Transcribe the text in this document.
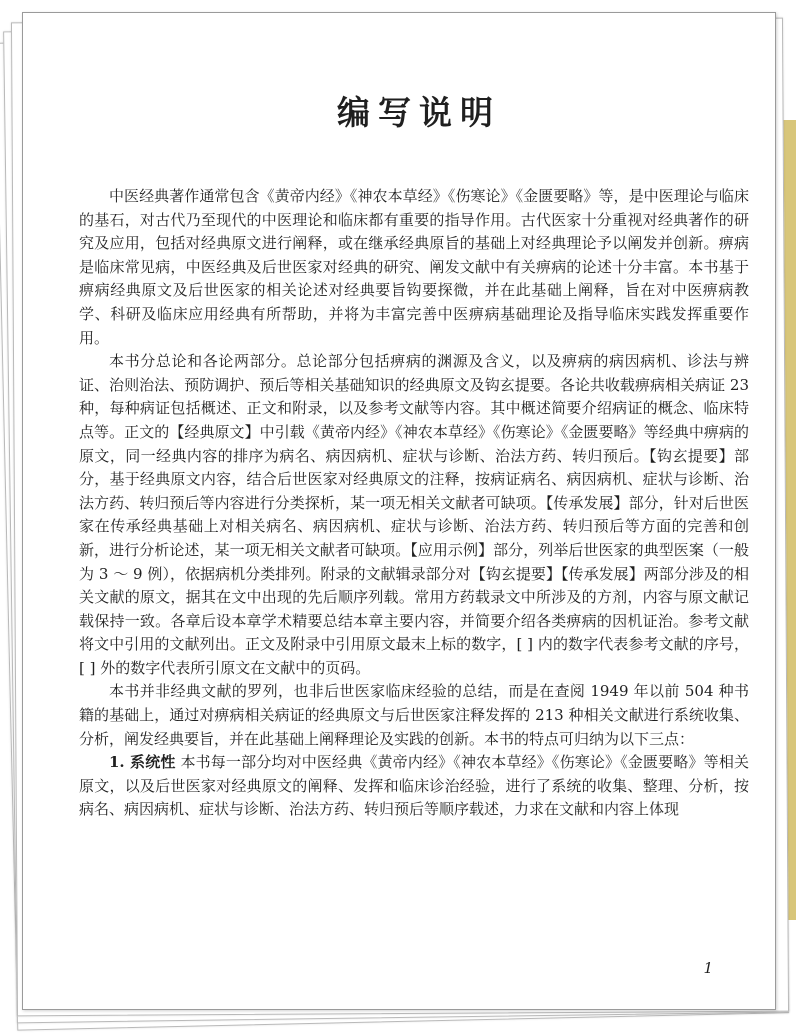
编写说明

中医经典著作通常包含《黄帝内经》《神农本草经》《伤寒论》《金匮要略》等，是中医理论与临床的基石，对古代乃至现代的中医理论和临床都有重要的指导作用。古代医家十分重视对经典著作的研究及应用，包括对经典原文进行阐释，或在继承经典原旨的基础上对经典理论予以阐发并创新。痹病是临床常见病，中医经典及后世医家对经典的研究、阐发文献中有关痹病的论述十分丰富。本书基于痹病经典原文及后世医家的相关论述对经典要旨钩要探微，并在此基础上阐释，旨在对中医痹病教学、科研及临床应用经典有所帮助，并将为丰富完善中医痹病基础理论及指导临床实践发挥重要作用。

本书分总论和各论两部分。总论部分包括痹病的渊源及含义，以及痹病的病因病机、诊法与辨证、治则治法、预防调护、预后等相关基础知识的经典原文及钩玄提要。各论共收载痹病相关病证 23 种，每种病证包括概述、正文和附录，以及参考文献等内容。其中概述简要介绍病证的概念、临床特点等。正文的【经典原文】中引载《黄帝内经》《神农本草经》《伤寒论》《金匮要略》等经典中痹病的原文，同一经典内容的排序为病名、病因病机、症状与诊断、治法方药、转归预后。【钩玄提要】部分，基于经典原文内容，结合后世医家对经典原文的注释，按病证病名、病因病机、症状与诊断、治法方药、转归预后等内容进行分类探析，某一项无相关文献者可缺项。【传承发展】部分，针对后世医家在传承经典基础上对相关病名、病因病机、症状与诊断、治法方药、转归预后等方面的完善和创新，进行分析论述，某一项无相关文献者可缺项。【应用示例】部分，列举后世医家的典型医案（一般为 3 ～ 9 例），依据病机分类排列。附录的文献辑录部分对【钩玄提要】【传承发展】两部分涉及的相关文献的原文，据其在文中出现的先后顺序列载。常用方药载录文中所涉及的方剂，内容与原文献记载保持一致。各章后设本章学术精要总结本章主要内容，并简要介绍各类痹病的因机证治。参考文献将文中引用的文献列出。正文及附录中引用原文最末上标的数字，[ ] 内的数字代表参考文献的序号，[ ] 外的数字代表所引原文在文献中的页码。

本书并非经典文献的罗列，也非后世医家临床经验的总结，而是在查阅 1949 年以前 504 种书籍的基础上，通过对痹病相关病证的经典原文与后世医家注释发挥的 213 种相关文献进行系统收集、分析，阐发经典要旨，并在此基础上阐释理论及实践的创新。本书的特点可归纳为以下三点：

1. 系统性 本书每一部分均对中医经典《黄帝内经》《神农本草经》《伤寒论》《金匮要略》等相关原文，以及后世医家对经典原文的阐释、发挥和临床诊治经验，进行了系统的收集、整理、分析，按病名、病因病机、症状与诊断、治法方药、转归预后等顺序载述，力求在文献和内容上体现

1
